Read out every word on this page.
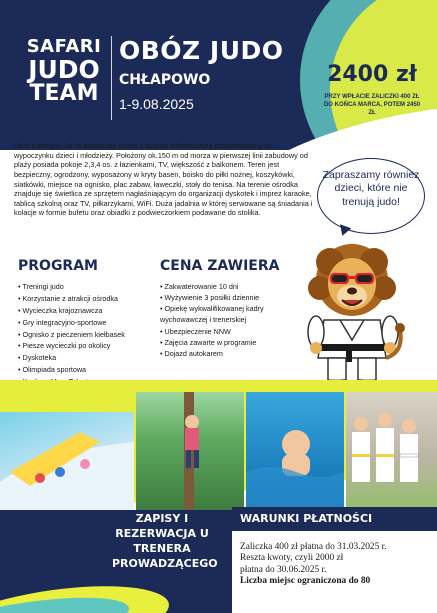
SAFARI
JUDO
TEAM
OBÓZ JUDO
CHŁAPOWO
1-9.08.2025
2400 zł
PRZY WPŁACIE ZALICZKI 400 ZŁ DO KOŃCA MARCA, POTEM 2450 ZŁ
Dom Kolonijny Jar to doskonały obiekt z bogatą infrastrukturą przystosowany do wypoczynku dzieci i młodzieży. Położony ok.150 m od morza w pierwszej linii zabudowy od plaży posiada pokoje 2,3,4 os. z łazienkami, TV, większość z balkonem. Teren jest bezpieczny, ogrodzony, wyposażony w kryty basen, boisko do piłki nożnej, koszykówki, siatkówki, miejsce na ognisko, plac zabaw, ławeczki, stoły do tenisa. Na terenie ośrodka znajduje się świetlica ze sprzętem nagłaśniającym do organizacji dyskotek i imprez karaoke, tablicą szkolną oraz TV, piłkarzykami, WiFi. Duża jadalnia w której serwowane są śniadania i kolacje w formie bufetu oraz obiadki z podwieczorkiem podawane do stolika.
Zapraszamy równiez dzieci, które nie trenują judo!
PROGRAM
• Treningi judo
• Korzystanie z atrakcji ośrodka
• Wycieczka krajoznawcza
• Gry integracyjno-sportowe
• Ognisko z pieczeniem kiełbasek
• Piesze wycieczki po okolicy
• Dyskoteka
• Olimpiada sportowa
•
•
CENA ZAWIERA
• Zakwaterowanie 10 dni
• Wyżywienie 3 posiłki dziennie
• Opiekę wykwalifikowanej kadry wychowawczej i trenerskiej
• Ubezpieczenie NNW
• Zajęcia zawarte w programie
• Dojazd autokarem
ZAPISY I REZERWACJA U TRENERA PROWADZĄCEGO
WARUNKI PŁATNOŚCI
Zaliczka 400 zł płatna do 31.03.2025 r.
Reszta kwoty, czyli 2000 zł
płatna do 30.06.2025 r.
Liczba miejsc ograniczona do 80
